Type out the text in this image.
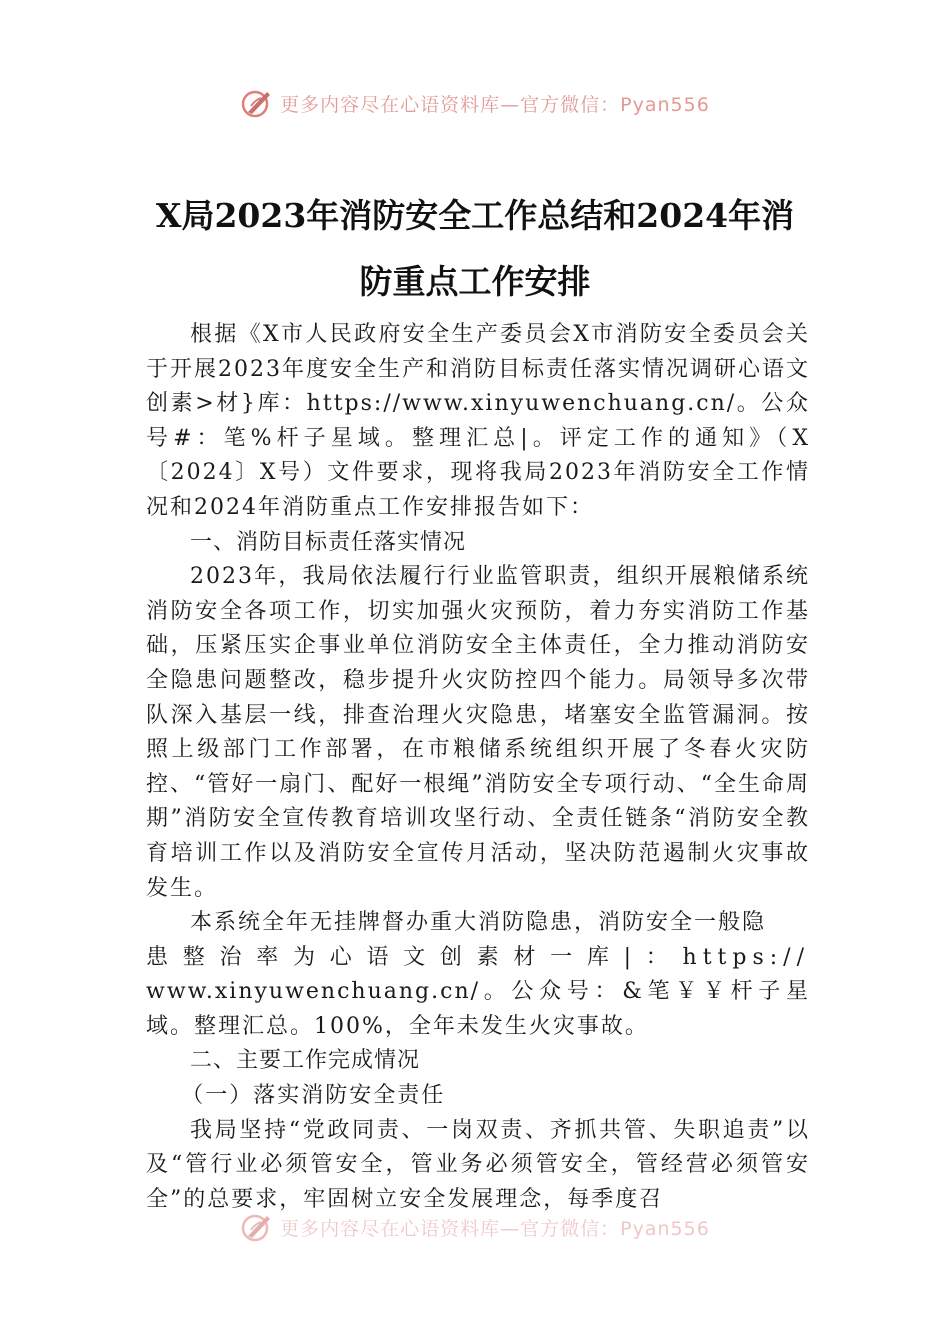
更多内容尽在心语资料库—官方微信：Pyan556
X局2023年消防安全工作总结和2024年消
防重点工作安排

根据《X市人民政府安全生产委员会X市消防安全委员会关于开展2023年度安全生产和消防目标责任落实情况调研心语文创素>材}库：https://www.xinyuwenchuang.cn/。公众号#：笔%杆子星域。整理汇总|。评定工作的通知》（X〔2024〕X号）文件要求，现将我局2023年消防安全工作情况和2024年消防重点工作安排报告如下：

一、消防目标责任落实情况

2023年，我局依法履行行业监管职责，组织开展粮储系统消防安全各项工作，切实加强火灾预防，着力夯实消防工作基础，压紧压实企事业单位消防安全主体责任，全力推动消防安全隐患问题整改，稳步提升火灾防控四个能力。局领导多次带队深入基层一线，排查治理火灾隐患，堵塞安全监管漏洞。按照上级部门工作部署，在市粮储系统组织开展了冬春火灾防控、“管好一扇门、配好一根绳”消防安全专项行动、“全生命周期”消防安全宣传教育培训攻坚行动、全责任链条“消防安全教育培训工作以及消防安全宣传月活动，坚决防范遏制火灾事故发生。

本系统全年无挂牌督办重大消防隐患，消防安全一般隐

患整治率为心语文创素材一库|：https://

www.xinyuwenchuang.cn/。公众号：&笔￥￥杆子星域。整理汇总。100%，全年未发生火灾事故。

二、主要工作完成情况

（一）落实消防安全责任

我局坚持“党政同责、一岗双责、齐抓共管、失职追责”以及“管行业必须管安全，管业务必须管安全，管经营必须管安全”的总要求，牢固树立安全发展理念，每季度召

更多内容尽在心语资料库—官方微信：Pyan556
